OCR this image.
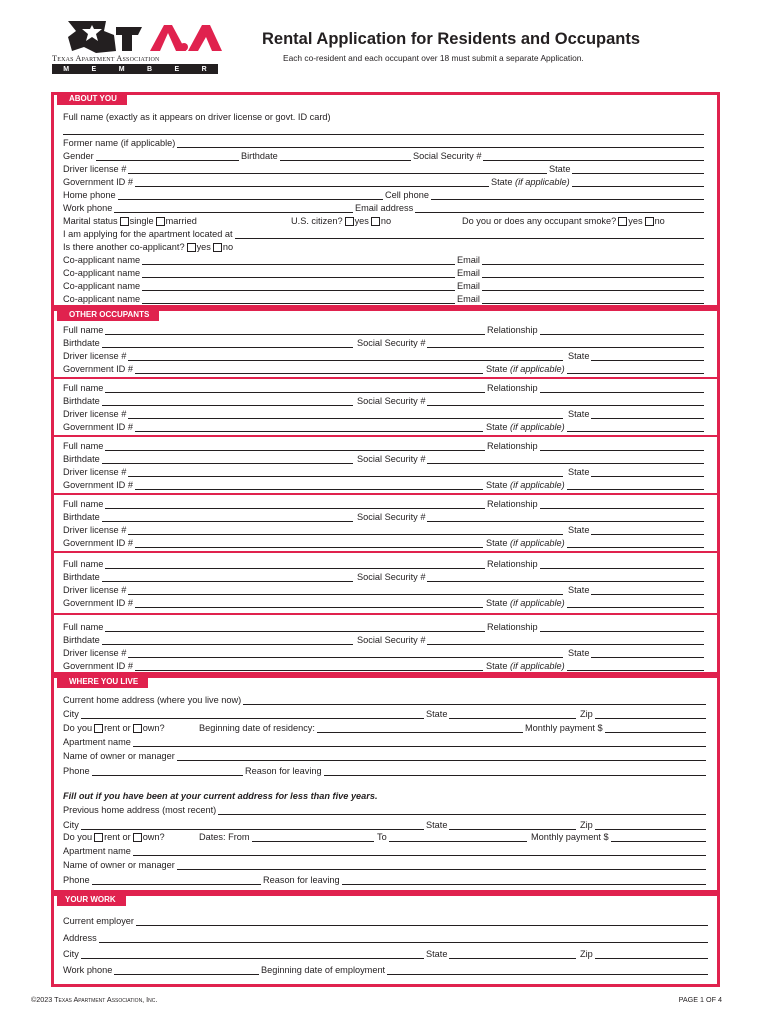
Texas Apartment Association
M	E	M	B	E	R
Rental Application for Residents and Occupants
Each co-resident and each occupant over 18 must submit a separate Application.
ABOUT YOU
Full name (exactly as it appears on driver license or govt. ID card)
Former name (if applicable)
Gender	Birthdate	Social Security #
Driver license #	State
Government ID #	State (if applicable)
Home phone	Cell phone
Work phone	Email address
Marital status single married	U.S. citizen? yes no	Do you or does any occupant smoke? yes no
I am applying for the apartment located at
Is there another co-applicant? yes no
Co-applicant name	Email
Co-applicant name	Email
Co-applicant name	Email
Co-applicant name	Email
OTHER OCCUPANTS
Full name	Relationship
Birthdate	Social Security #
Driver license #	State
Government ID #	State (if applicable)
Full name	Relationship
Birthdate	Social Security #
Driver license #	State
Government ID #	State (if applicable)
Full name	Relationship
Birthdate	Social Security #
Driver license #	State
Government ID #	State (if applicable)
Full name	Relationship
Birthdate	Social Security #
Driver license #	State
Government ID #	State (if applicable)
Full name	Relationship
Birthdate	Social Security #
Driver license #	State
Government ID #	State (if applicable)
Full name	Relationship
Birthdate	Social Security #
Driver license #	State
Government ID #	State (if applicable)
WHERE YOU LIVE
Current home address (where you live now)
City	State	Zip
Do you rent or own?	Beginning date of residency:	Monthly payment $
Apartment name
Name of owner or manager
Phone	Reason for leaving
Fill out if you have been at your current address for less than five years.
Previous home address (most recent)
City	State	Zip
Do you rent or own?	Dates: From	To	Monthly payment $
Apartment name
Name of owner or manager
Phone	Reason for leaving
YOUR WORK
Current employer
Address
City	State	Zip
Work phone	Beginning date of employment
©2023 Texas Apartment Association, Inc.	PAGE 1 OF 4
